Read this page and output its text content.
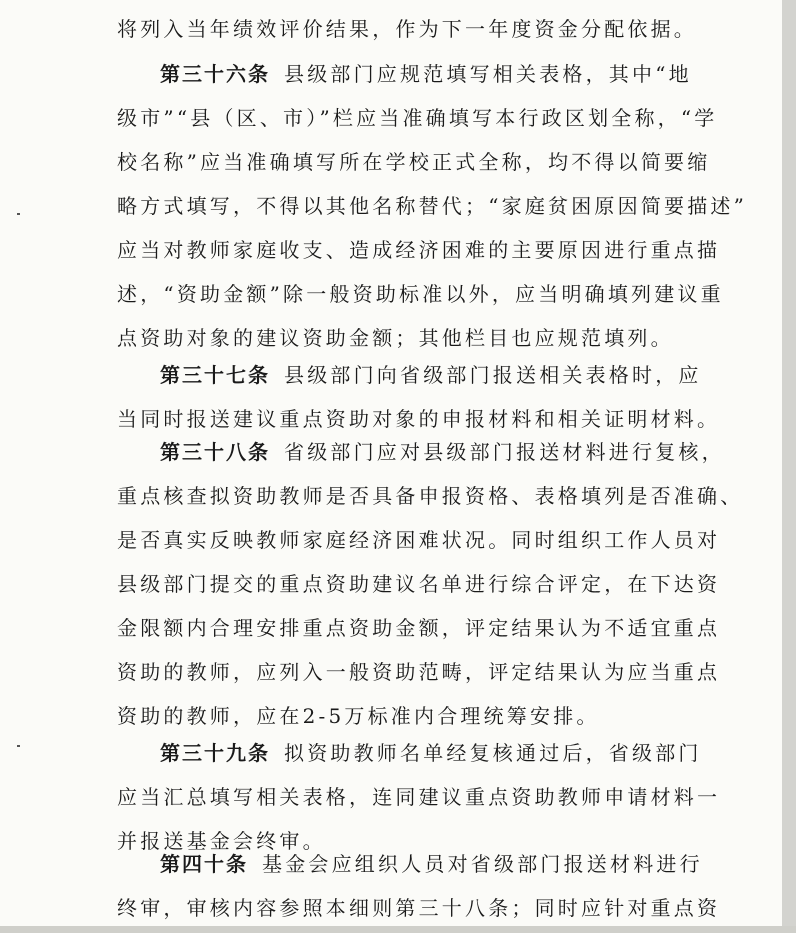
将列入当年绩效评价结果，作为下一年度资金分配依据。
第三十六条 县级部门应规范填写相关表格，其中“地
级市”“县（区、市）”栏应当准确填写本行政区划全称，“学
校名称”应当准确填写所在学校正式全称，均不得以简要缩
略方式填写，不得以其他名称替代；“家庭贫困原因简要描述”
应当对教师家庭收支、造成经济困难的主要原因进行重点描
述，“资助金额”除一般资助标准以外，应当明确填列建议重
点资助对象的建议资助金额；其他栏目也应规范填列。
第三十七条 县级部门向省级部门报送相关表格时，应
当同时报送建议重点资助对象的申报材料和相关证明材料。
第三十八条 省级部门应对县级部门报送材料进行复核，
重点核查拟资助教师是否具备申报资格、表格填列是否准确、
是否真实反映教师家庭经济困难状况。同时组织工作人员对
县级部门提交的重点资助建议名单进行综合评定，在下达资
金限额内合理安排重点资助金额，评定结果认为不适宜重点
资助的教师，应列入一般资助范畴，评定结果认为应当重点
资助的教师，应在2-5万标准内合理统筹安排。
第三十九条 拟资助教师名单经复核通过后，省级部门
应当汇总填写相关表格，连同建议重点资助教师申请材料一
并报送基金会终审。
第四十条 基金会应组织人员对省级部门报送材料进行
终审，审核内容参照本细则第三十八条；同时应针对重点资
